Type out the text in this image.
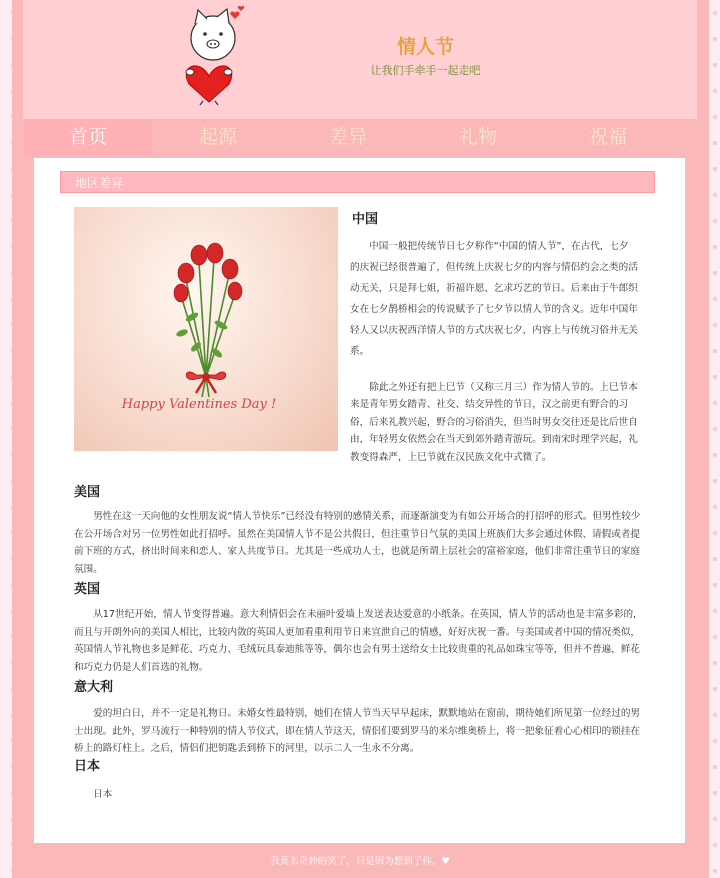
情人节
让我们手牵手一起走吧
首页	起源	差异	礼物	祝福
地区差异
Happy Valentines Day !
中国

中国一般把传统节日七夕称作“中国的情人节”，在古代，七夕的庆祝已经很普遍了，但传统上庆祝七夕的内容与情侣约会之类的活动无关，只是拜七姐，祈福许愿、乞求巧艺的节日。后来由于牛郎织女在七夕鹊桥相会的传说赋予了七夕节以情人节的含义。近年中国年轻人又以庆祝西洋情人节的方式庆祝七夕，内容上与传统习俗并无关系。

除此之外还有把上巳节（又称三月三）作为情人节的。上巳节本来是青年男女踏青、社交、结交异性的节日，汉之前更有野合的习俗，后来礼教兴起，野合的习俗消失，但当时男女交往还是比后世自由，年轻男女依然会在当天到郊外踏青游玩。到南宋时理学兴起，礼教变得森严，上巳节就在汉民族文化中式微了。

美国

男性在这一天向他的女性朋友说“情人节快乐”已经没有特别的感情关系，而逐渐演变为有如公开场合的打招呼的形式。但男性较少在公开场合对另一位男性如此打招呼。虽然在美国情人节不是公共假日，但注重节日气氛的美国上班族们大多会通过休假、请假或者提前下班的方式，挤出时间来和恋人、家人共度节日。尤其是一些成功人士，也就是所谓上层社会的富裕家庭，他们非常注重节日的家庭氛围。

英国

从17世纪开始，情人节变得普遍。意大利情侣会在未丽叶爱墙上发送表达爱意的小纸条。在英国，情人节的活动也是丰富多彩的，而且与开朗外向的美国人相比，比较内敛的英国人更加看重利用节日来宣泄自己的情感，好好庆祝一番。与美国或者中国的情况类似，英国情人节礼物也多是鲜花、巧克力、毛绒玩具泰迪熊等等，偶尔也会有男士送给女士比较贵重的礼品如珠宝等等，但并不普遍，鲜花和巧克力仍是人们首选的礼物。

意大利

爱的坦白日，并不一定是礼物日。未婚女性最特别，她们在情人节当天早早起床，默默地站在窗前，期待她们所见第一位经过的男士出现。此外，罗马流行一种特别的情人节仪式，即在情人节这天，情侣们要到罗马的米尔维奥桥上，将一把象征着心心相印的锁挂在桥上的路灯柱上。之后，情侣们把钥匙丢到桥下的河里，以示二人一生永不分离。

日本

日本

我莫名奇妙的笑了，只是因为想到了你。♥
